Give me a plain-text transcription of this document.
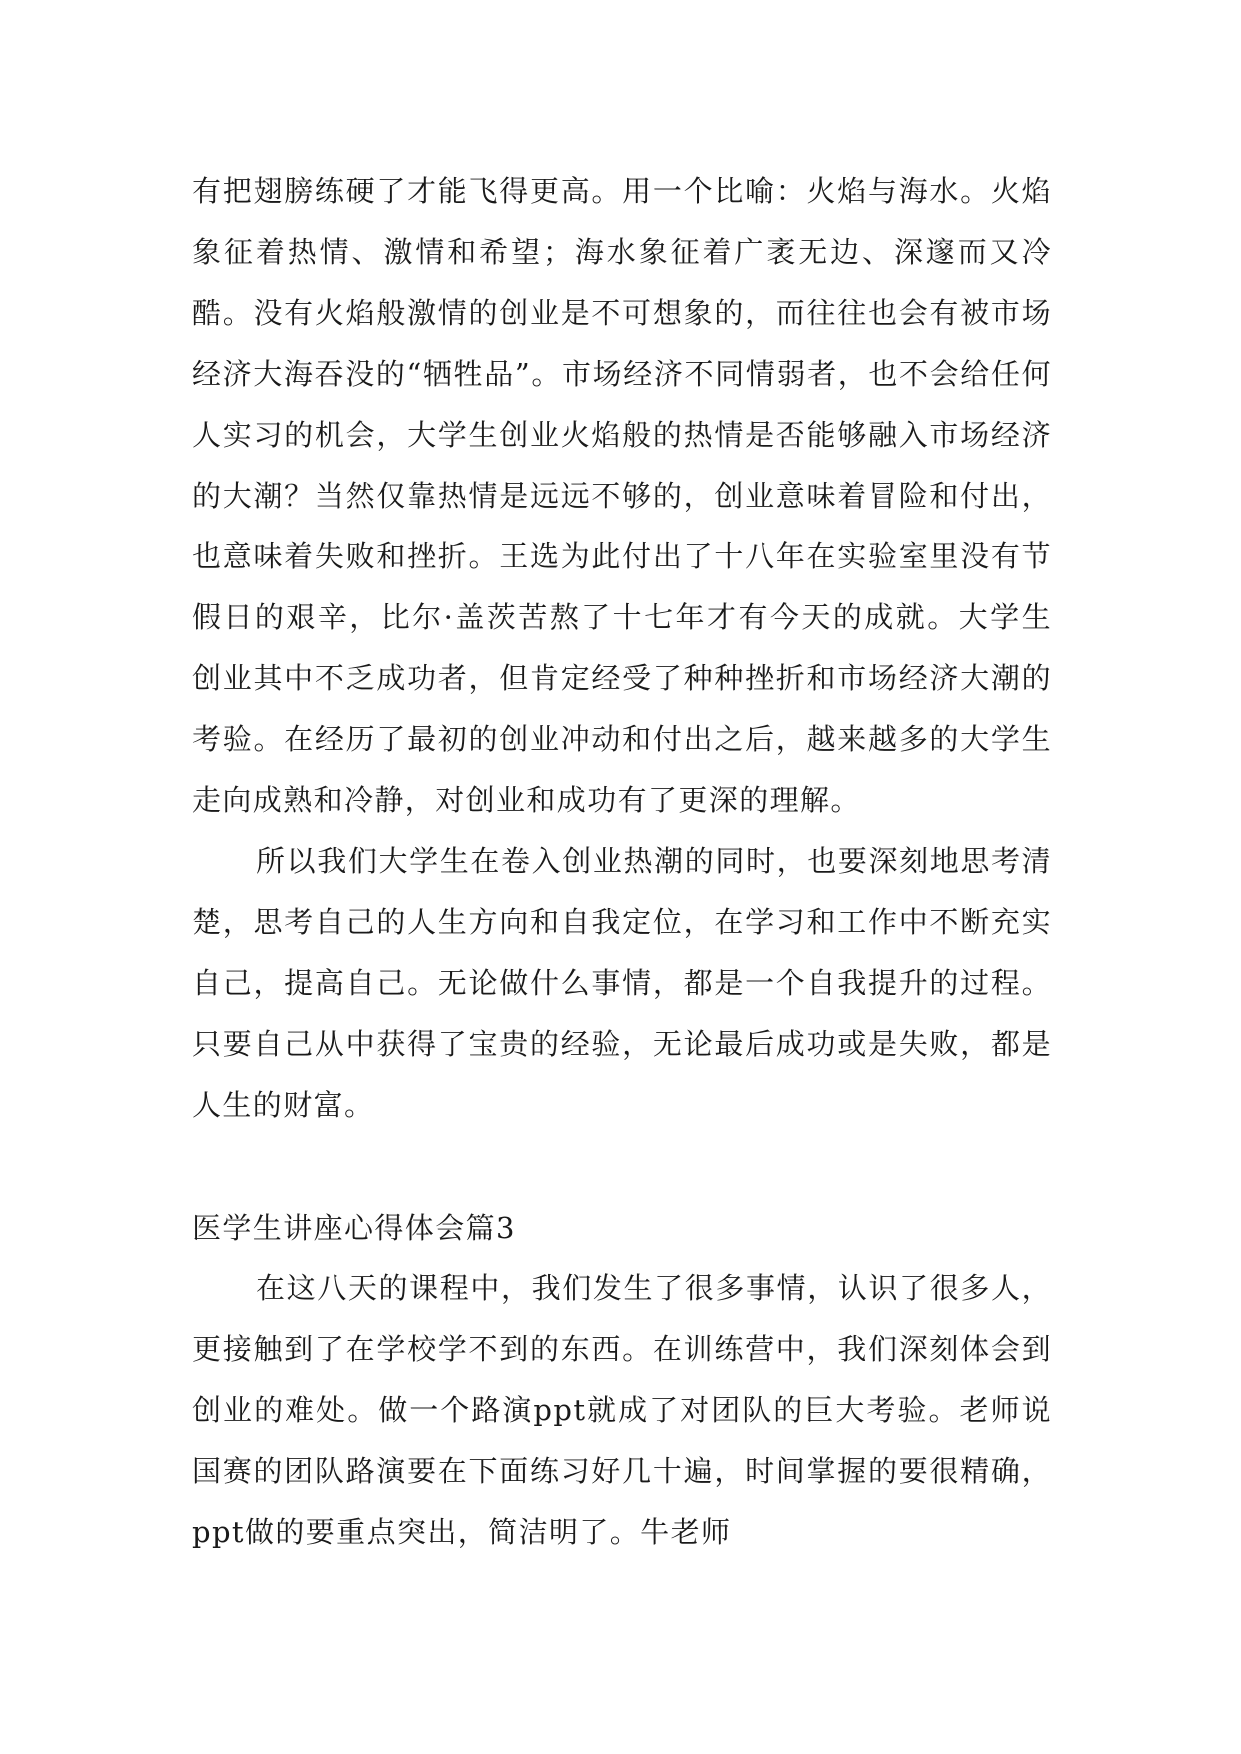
有把翅膀练硬了才能飞得更高。用一个比喻：火焰与海水。火焰象征着热情、激情和希望；海水象征着广袤无边、深邃而又冷酷。没有火焰般激情的创业是不可想象的，而往往也会有被市场经济大海吞没的“牺牲品”。市场经济不同情弱者，也不会给任何人实习的机会，大学生创业火焰般的热情是否能够融入市场经济的大潮？当然仅靠热情是远远不够的，创业意味着冒险和付出，也意味着失败和挫折。王选为此付出了十八年在实验室里没有节假日的艰辛，比尔·盖茨苦熬了十七年才有今天的成就。大学生创业其中不乏成功者，但肯定经受了种种挫折和市场经济大潮的考验。在经历了最初的创业冲动和付出之后，越来越多的大学生走向成熟和冷静，对创业和成功有了更深的理解。

所以我们大学生在卷入创业热潮的同时，也要深刻地思考清楚，思考自己的人生方向和自我定位，在学习和工作中不断充实自己，提高自己。无论做什么事情，都是一个自我提升的过程。只要自己从中获得了宝贵的经验，无论最后成功或是失败，都是人生的财富。

医学生讲座心得体会篇3

在这八天的课程中，我们发生了很多事情，认识了很多人，更接触到了在学校学不到的东西。在训练营中，我们深刻体会到创业的难处。做一个路演ppt就成了对团队的巨大考验。老师说国赛的团队路演要在下面练习好几十遍，时间掌握的要很精确，ppt做的要重点突出，简洁明了。牛老师
